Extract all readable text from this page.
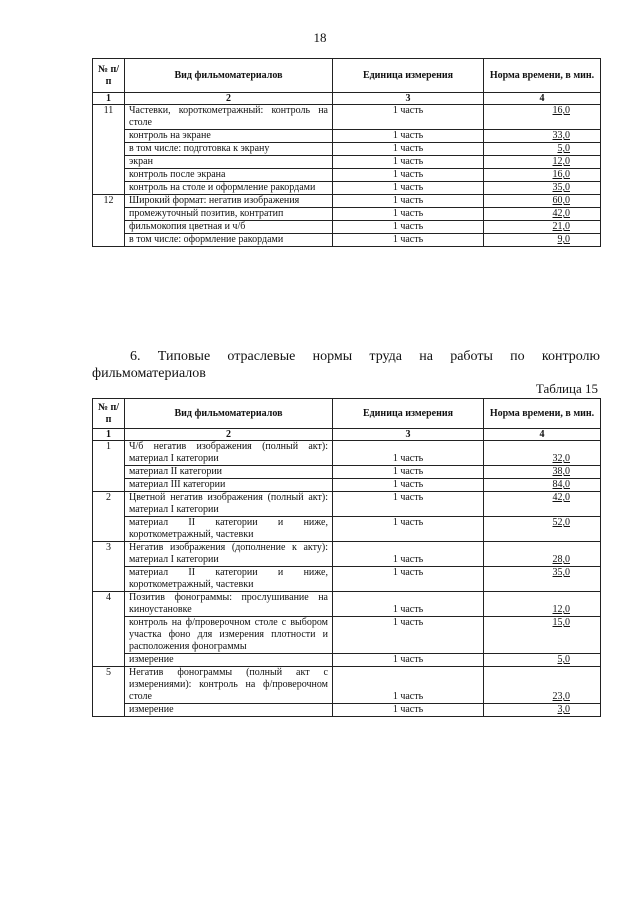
18
№ п/п	Вид фильмоматериалов	Единица измерения	Норма времени, в мин.
1	2	3	4
11	Частевки, короткометражный: контроль на столе	1 часть	16,0
	контроль на экране	1 часть	33,0
	в том числе: подготовка к экрану	1 часть	5,0
	экран	1 часть	12,0
	контроль после экрана	1 часть	16,0
	контроль на столе и оформление ракордами	1 часть	35,0
12	Широкий формат: негатив изображения	1 часть	60,0
	промежуточный позитив, контратип	1 часть	42,0
	фильмокопия цветная и ч/б	1 часть	21,0
	в том числе: оформление ракордами	1 часть	9,0
6. Типовые отраслевые нормы труда на работы по контролю
фильмоматериалов
Таблица 15
№ п/п	Вид фильмоматериалов	Единица измерения	Норма времени, в мин.
1	2	3	4
1	Ч/б негатив изображения (полный акт): материал I категории	1 часть	32,0
	материал II категории	1 часть	38,0
	материал III категории	1 часть	84,0
2	Цветной негатив изображения (полный акт): материал I категории	1 часть	42,0
	материал II категории и ниже, короткометражный, частевки	1 часть	52,0
3	Негатив изображения (дополнение к акту): материал I категории	1 часть	28,0
	материал II категории и ниже, короткометражный, частевки	1 часть	35,0
4	Позитив фонограммы: прослушивание на киноустановке	1 часть	12,0
	контроль на ф/проверочном столе с выбором участка фоно для измерения плотности и расположения фонограммы	1 часть	15,0
	измерение	1 часть	5,0
5	Негатив фонограммы (полный акт с измерениями): контроль на ф/проверочном столе	1 часть	23,0
	измерение	1 часть	3,0
